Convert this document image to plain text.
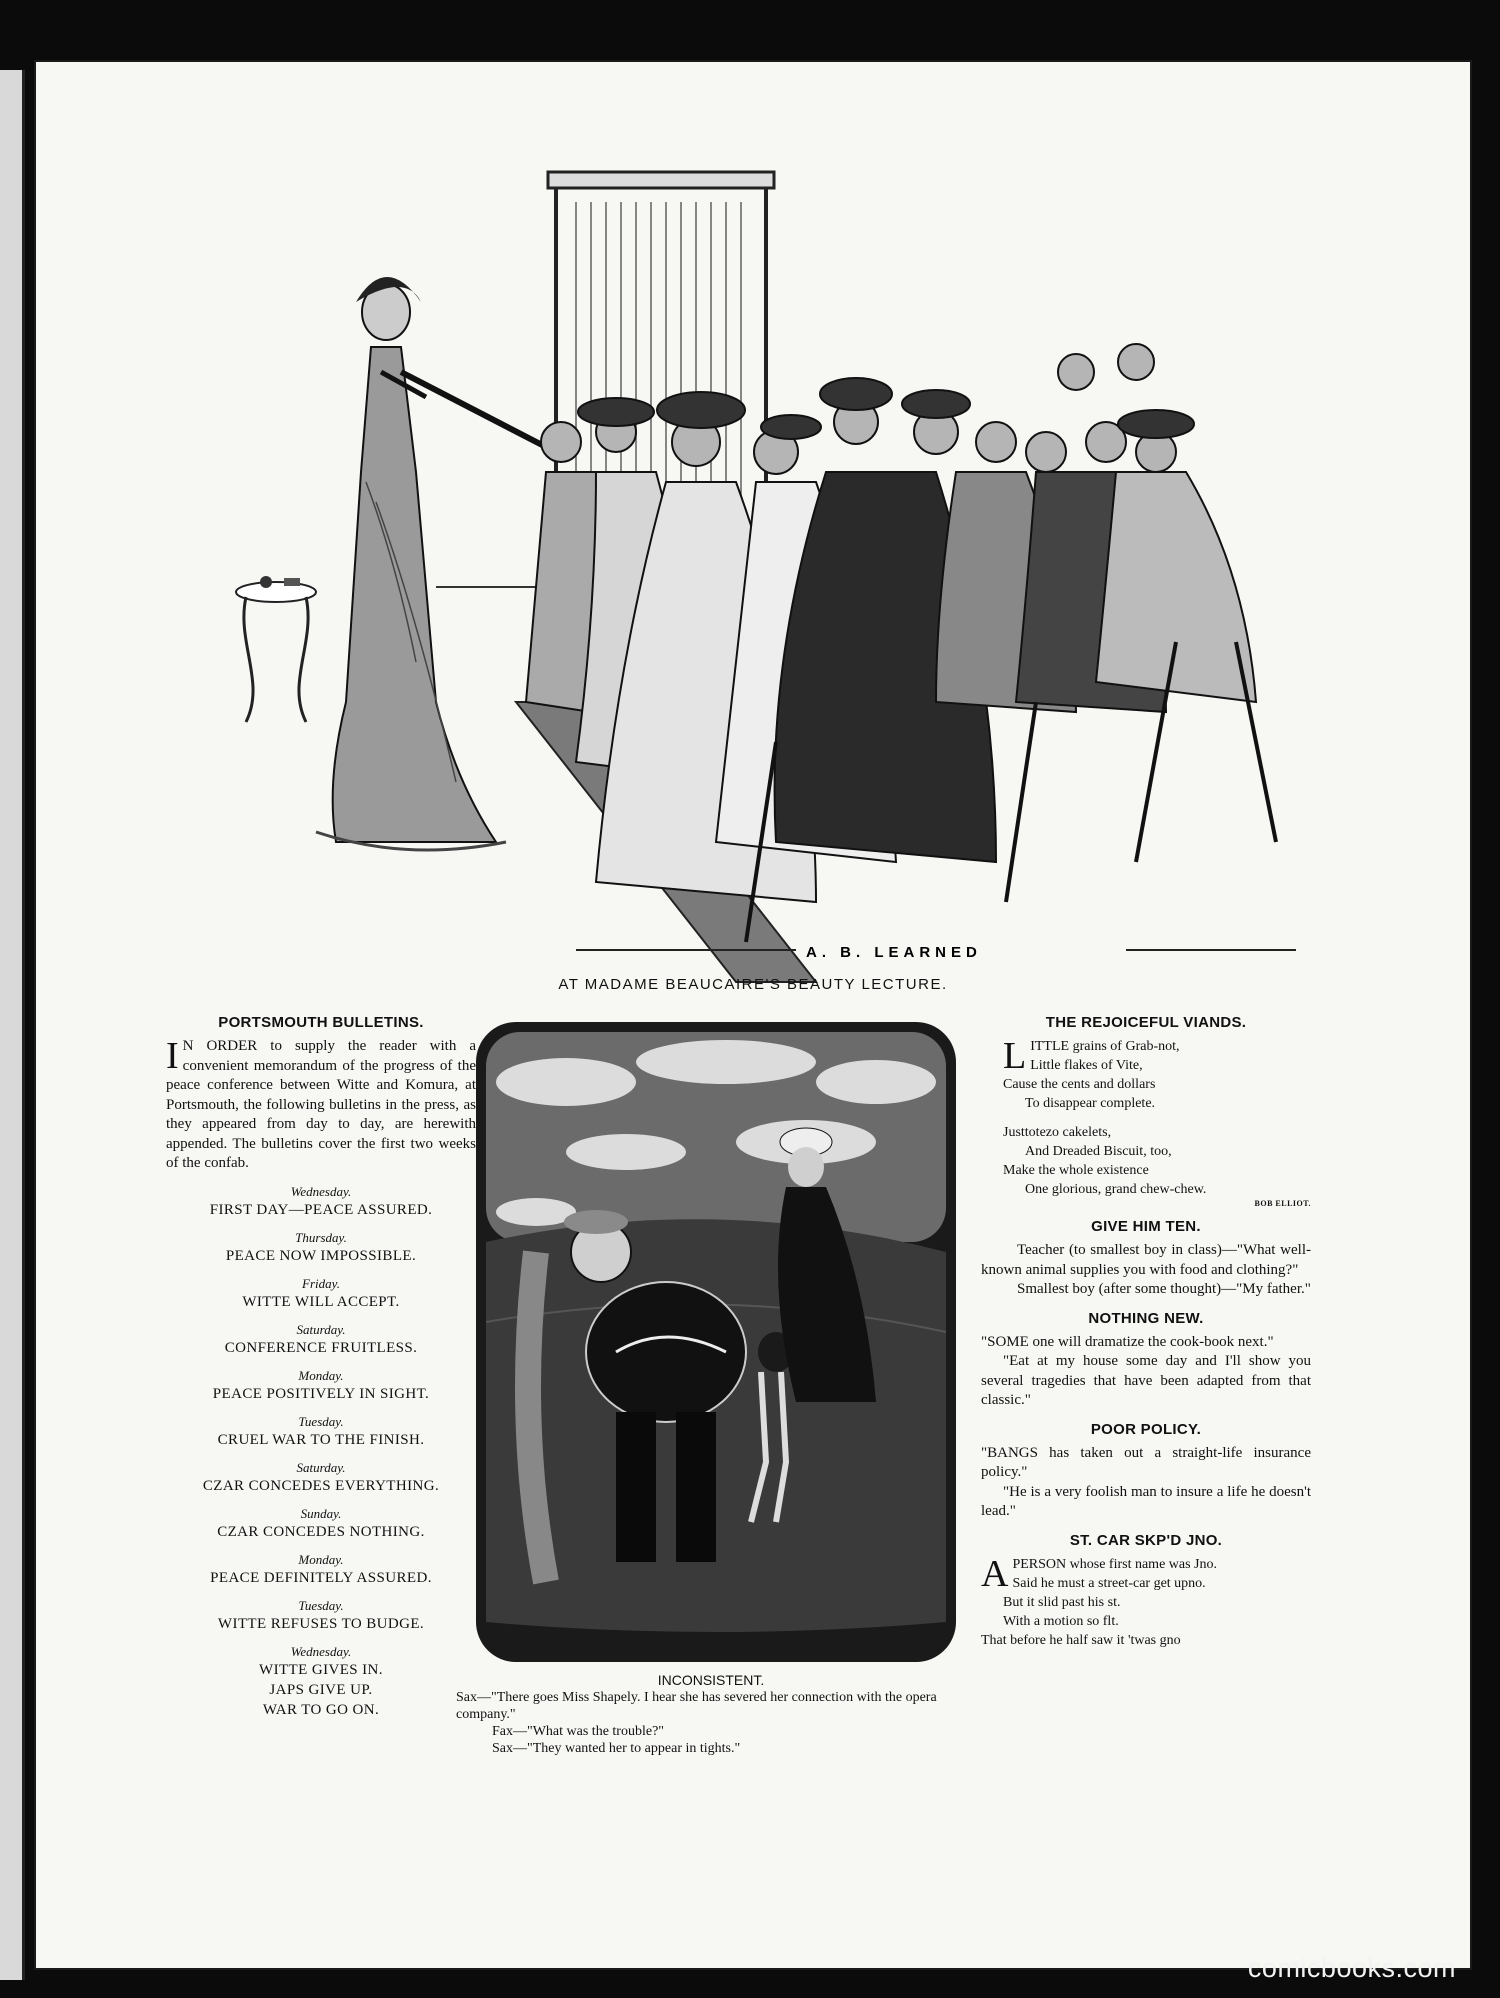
A. B. LEARNED
AT MADAME BEAUCAIRE'S BEAUTY LECTURE.
PORTSMOUTH BULLETINS.

I N ORDER to supply the reader with a convenient memorandum of the progress of the peace conference between Witte and Komura, at Portsmouth, the following bulletins in the press, as they appeared from day to day, are herewith appended. The bulletins cover the first two weeks of the confab.

Wednesday.
FIRST DAY—PEACE ASSURED.
Thursday.
PEACE NOW IMPOSSIBLE.
Friday.
WITTE WILL ACCEPT.
Saturday.
CONFERENCE FRUITLESS.
Monday.
PEACE POSITIVELY IN SIGHT.
Tuesday.
CRUEL WAR TO THE FINISH.
Saturday.
CZAR CONCEDES EVERYTHING.
Sunday.
CZAR CONCEDES NOTHING.
Monday.
PEACE DEFINITELY ASSURED.
Tuesday.
WITTE REFUSES TO BUDGE.
Wednesday.
WITTE GIVES IN.
JAPS GIVE UP.
WAR TO GO ON.
INCONSISTENT.
Sax—"There goes Miss Shapely. I hear she has severed her connection with the opera company."
Fax—"What was the trouble?"
Sax—"They wanted her to appear in tights."
THE REJOICEFUL VIANDS.

LITTLE grains of Grab-not,

Little flakes of Vite,

Cause the cents and dollars

To disappear complete.

Justtotezo cakelets,

And Dreaded Biscuit, too,

Make the whole existence

One glorious, grand chew-chew.

BOB ELLIOT.
GIVE HIM TEN.

Teacher (to smallest boy in class)—"What well-known animal supplies you with food and clothing?"

Smallest boy (after some thought)—"My father."

NOTHING NEW.

"SOME one will dramatize the cook-book next."

"Eat at my house some day and I'll show you several tragedies that have been adapted from that classic."

POOR POLICY.

"BANGS has taken out a straight-life insurance policy."

"He is a very foolish man to insure a life he doesn't lead."

ST. CAR SKP'D JNO.

APERSON whose first name was Jno.

Said he must a street-car get upno.

But it slid past his st.

With a motion so flt.

That before he half saw it 'twas gno

comicbooks.com
